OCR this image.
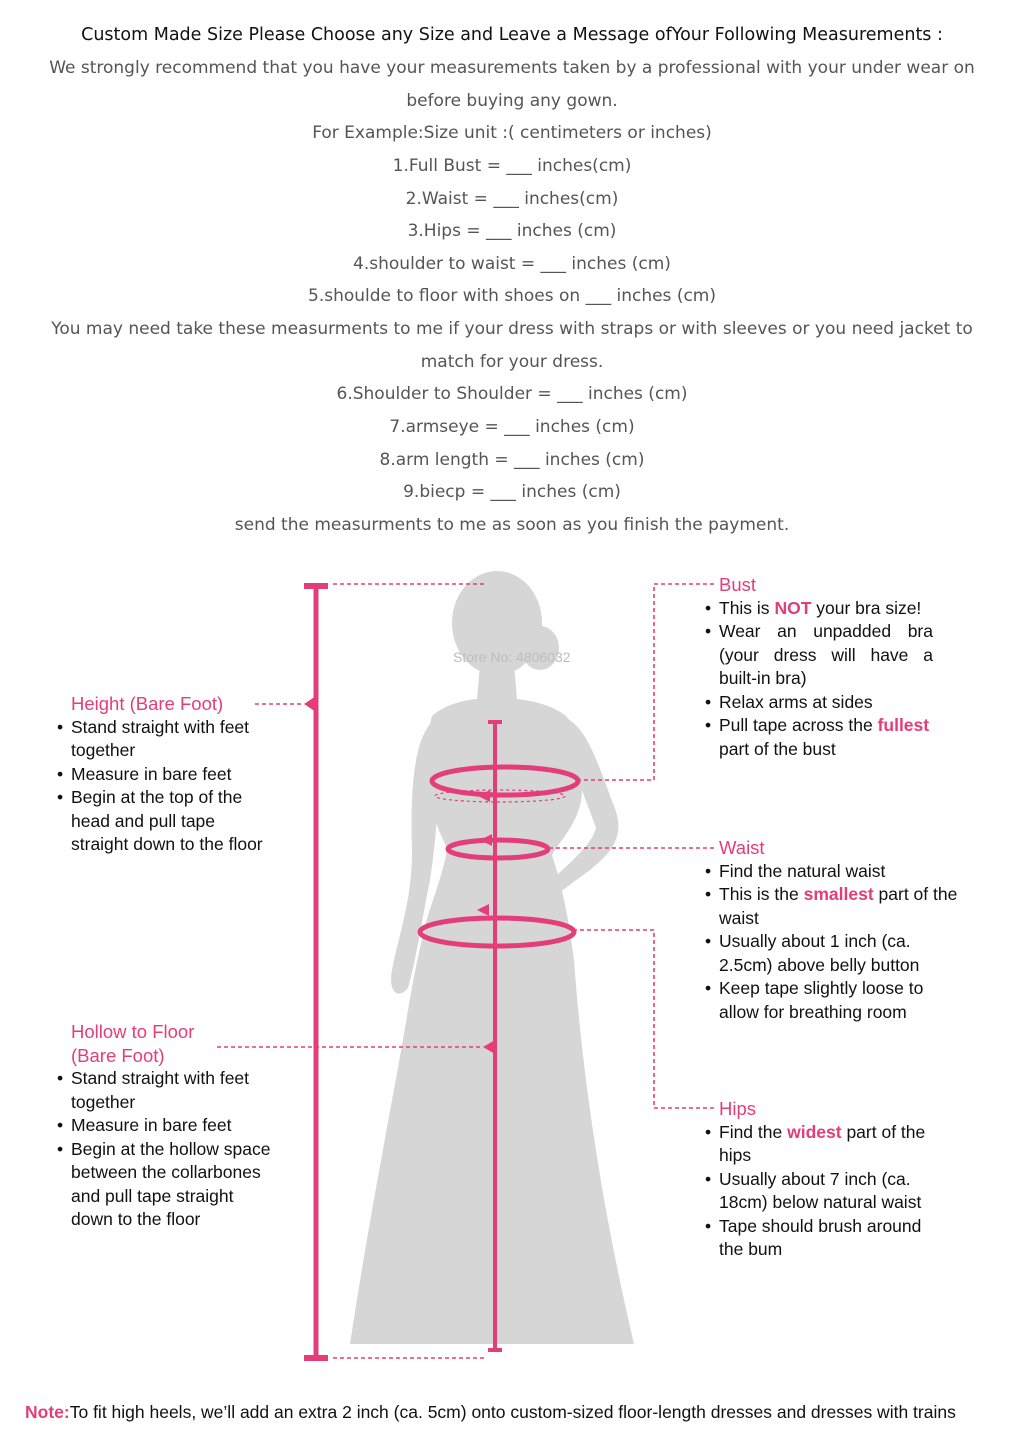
Custom Made Size Please Choose any Size and Leave a Message ofYour Following Measurements :
We strongly recommend that you have your measurements taken by a professional with your under wear on
before buying any gown.
For Example:Size unit :( centimeters or inches)
1.Full Bust = ___ inches(cm)
2.Waist = ___ inches(cm)
3.Hips = ___ inches (cm)
4.shoulder to waist = ___ inches (cm)
5.shoulde to floor with shoes on ___ inches (cm)
You may need take these measurments to me if your dress with straps or with sleeves or you need jacket to
match for your dress.
6.Shoulder to Shoulder = ___ inches (cm)
7.armseye = ___ inches (cm)
8.arm length = ___ inches (cm)
9.biecp = ___ inches (cm)
send the measurments to me as soon as you finish the payment.
Store No: 4806032
Height (Bare Foot)
• Stand straight with feet together
• Measure in bare feet
• Begin at the top of the head and pull tape straight down to the floor
Hollow to Floor
(Bare Foot)
• Stand straight with feet together
• Measure in bare feet
• Begin at the hollow space between the collarbones and pull tape straight down to the floor
Bust
• This is NOT your bra size!
• Wear an unpadded bra (your dress will have a built-in bra)
• Relax arms at sides
• Pull tape across the fullest part of the bust
Waist
• Find the natural waist
• This is the smallest part of the waist
• Usually about 1 inch (ca. 2.5cm) above belly button
• Keep tape slightly loose to allow for breathing room
Hips
• Find the widest part of the hips
• Usually about 7 inch (ca. 18cm) below natural waist
• Tape should brush around the bum
Note:To fit high heels, we’ll add an extra 2 inch (ca. 5cm) onto custom-sized floor-length dresses and dresses with trains
